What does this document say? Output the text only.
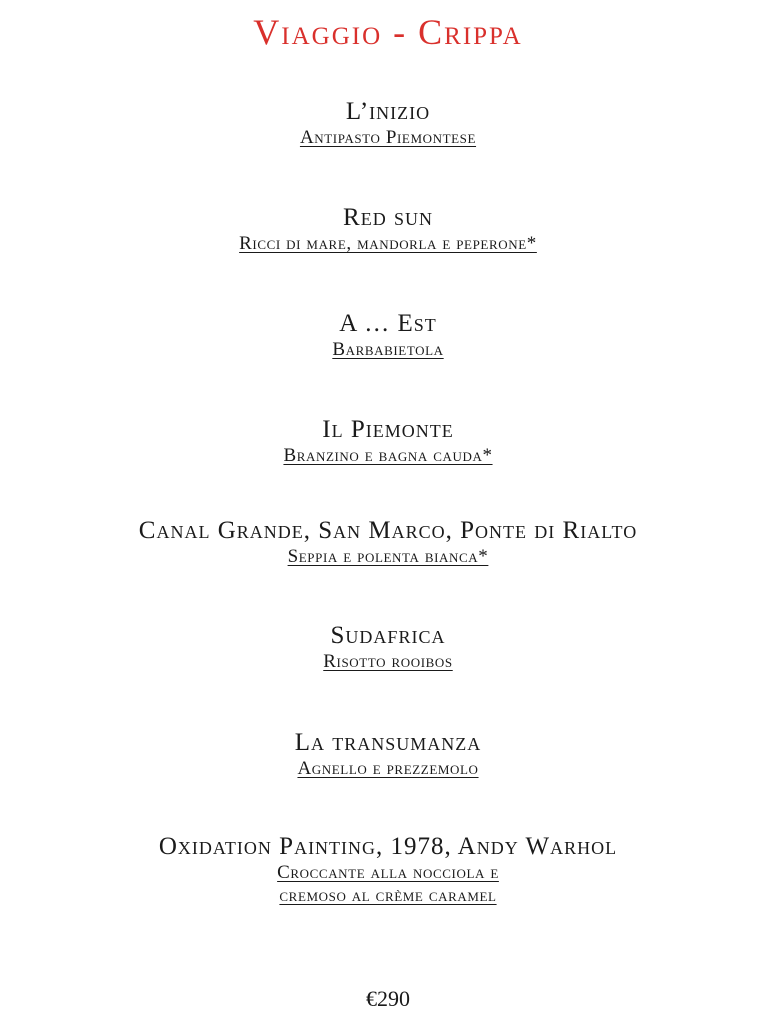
Viaggio - Crippa
L’inizio
Antipasto Piemontese
Red sun
Ricci di mare, mandorla e peperone*
A … Est
Barbabietola
Il Piemonte
Branzino e bagna cauda*
Canal Grande, San Marco, Ponte di Rialto
Seppia e polenta bianca*
Sudafrica
Risotto rooibos
La transumanza
Agnello e prezzemolo
Oxidation Painting, 1978, Andy Warhol
Croccante alla nocciola e
cremoso al crème caramel
€290
